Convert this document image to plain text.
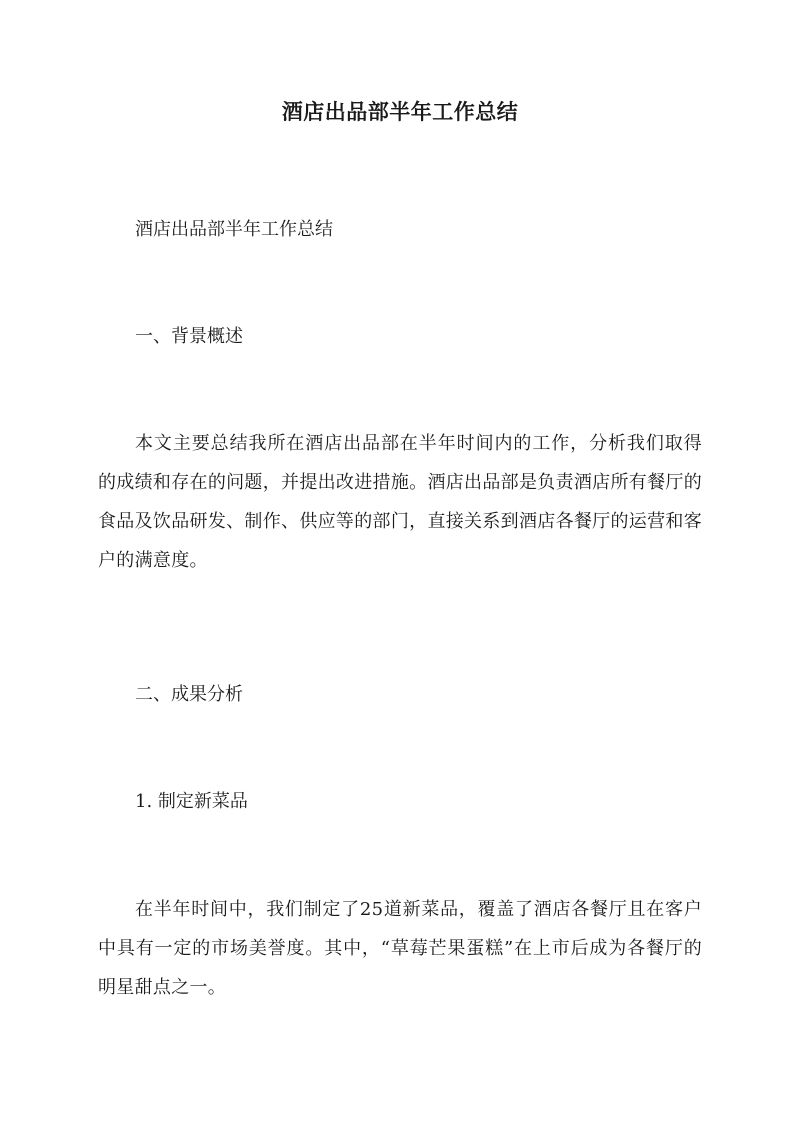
酒店出品部半年工作总结

酒店出品部半年工作总结

一、背景概述

本文主要总结我所在酒店出品部在半年时间内的工作，分析我们取得的成绩和存在的问题，并提出改进措施。酒店出品部是负责酒店所有餐厅的食品及饮品研发、制作、供应等的部门，直接关系到酒店各餐厅的运营和客户的满意度。

二、成果分析

1. 制定新菜品

在半年时间中，我们制定了25道新菜品，覆盖了酒店各餐厅且在客户中具有一定的市场美誉度。其中，“草莓芒果蛋糕”在上市后成为各餐厅的明星甜点之一。
